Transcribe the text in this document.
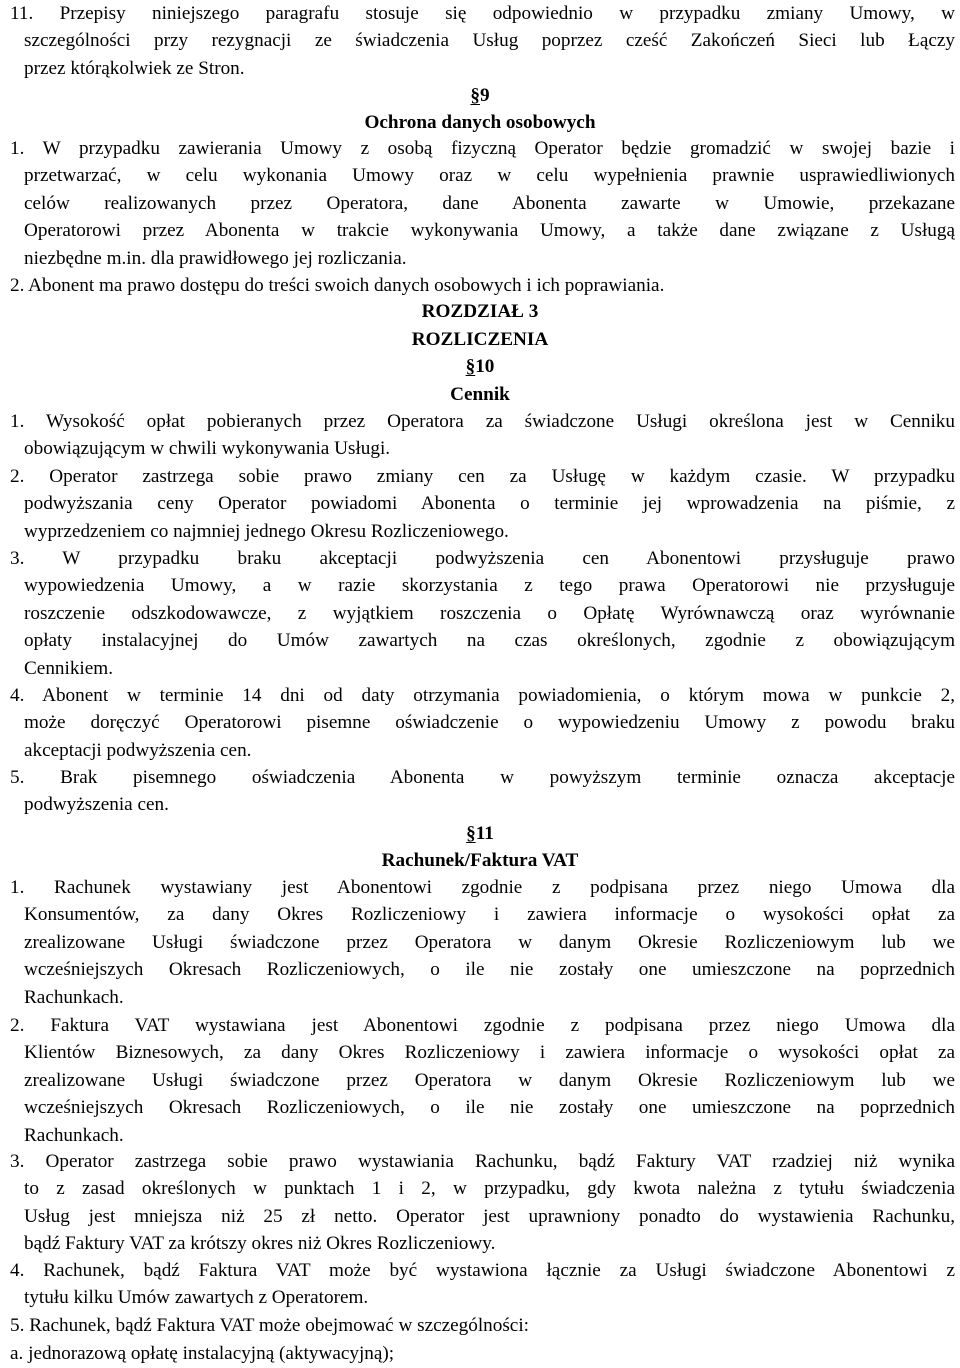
11. Przepisy niniejszego paragrafu stosuje się odpowiednio w przypadku zmiany Umowy, w
szczególności przy rezygnacji ze świadczenia Usług poprzez cześć Zakończeń Sieci lub Łączy
przez którąkolwiek ze Stron.
§9
Ochrona danych osobowych
1. W przypadku zawierania Umowy z osobą fizyczną Operator będzie gromadzić w swojej bazie i
przetwarzać, w celu wykonania Umowy oraz w celu wypełnienia prawnie usprawiedliwionych
celów realizowanych przez Operatora, dane Abonenta zawarte w Umowie, przekazane
Operatorowi przez Abonenta w trakcie wykonywania Umowy, a także dane związane z Usługą
niezbędne m.in. dla prawidłowego jej rozliczania.
2. Abonent ma prawo dostępu do treści swoich danych osobowych i ich poprawiania.
ROZDZIAŁ 3
ROZLICZENIA
§10
Cennik
1. Wysokość opłat pobieranych przez Operatora za świadczone Usługi określona jest w Cenniku
obowiązującym w chwili wykonywania Usługi.
2. Operator zastrzega sobie prawo zmiany cen za Usługę w każdym czasie. W przypadku
podwyższania ceny Operator powiadomi Abonenta o terminie jej wprowadzenia na piśmie, z
wyprzedzeniem co najmniej jednego Okresu Rozliczeniowego.
3. W przypadku braku akceptacji podwyższenia cen Abonentowi przysługuje prawo
wypowiedzenia Umowy, a w razie skorzystania z tego prawa Operatorowi nie przysługuje
roszczenie odszkodowawcze, z wyjątkiem roszczenia o Opłatę Wyrównawczą oraz wyrównanie
opłaty instalacyjnej do Umów zawartych na czas określonych, zgodnie z obowiązującym
Cennikiem.
4. Abonent w terminie 14 dni od daty otrzymania powiadomienia, o którym mowa w punkcie 2,
może doręczyć Operatorowi pisemne oświadczenie o wypowiedzeniu Umowy z powodu braku
akceptacji podwyższenia cen.
5. Brak pisemnego oświadczenia Abonenta w powyższym terminie oznacza akceptacje
podwyższenia cen.
§11
Rachunek/Faktura VAT
1. Rachunek wystawiany jest Abonentowi zgodnie z podpisana przez niego Umowa dla
Konsumentów, za dany Okres Rozliczeniowy i zawiera informacje o wysokości opłat za
zrealizowane Usługi świadczone przez Operatora w danym Okresie Rozliczeniowym lub we
wcześniejszych Okresach Rozliczeniowych, o ile nie zostały one umieszczone na poprzednich
Rachunkach.
2. Faktura VAT wystawiana jest Abonentowi zgodnie z podpisana przez niego Umowa dla
Klientów Biznesowych, za dany Okres Rozliczeniowy i zawiera informacje o wysokości opłat za
zrealizowane Usługi świadczone przez Operatora w danym Okresie Rozliczeniowym lub we
wcześniejszych Okresach Rozliczeniowych, o ile nie zostały one umieszczone na poprzednich
Rachunkach.
3. Operator zastrzega sobie prawo wystawiania Rachunku, bądź Faktury VAT rzadziej niż wynika
to z zasad określonych w punktach 1 i 2, w przypadku, gdy kwota należna z tytułu świadczenia
Usług jest mniejsza niż 25 zł netto. Operator jest uprawniony ponadto do wystawienia Rachunku,
bądź Faktury VAT za krótszy okres niż Okres Rozliczeniowy.
4. Rachunek, bądź Faktura VAT może być wystawiona łącznie za Usługi świadczone Abonentowi z
tytułu kilku Umów zawartych z Operatorem.
5. Rachunek, bądź Faktura VAT może obejmować w szczególności:
a. jednorazową opłatę instalacyjną (aktywacyjną);
